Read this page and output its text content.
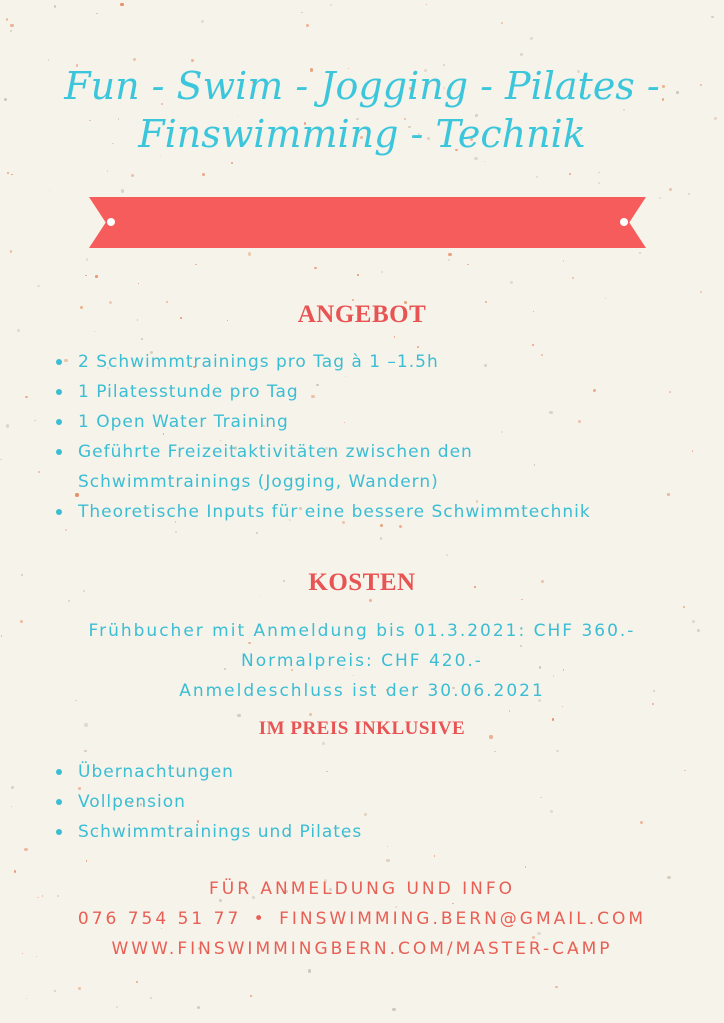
Fun - Swim - Jogging - Pilates -
Finswimming - Technik
ANGEBOT
2 Schwimmtrainings pro Tag à 1 –1.5h
1 Pilatesstunde pro Tag
1 Open Water Training
Geführte Freizeitaktivitäten zwischen den
Schwimmtrainings (Jogging, Wandern)
Theoretische Inputs für eine bessere Schwimmtechnik
KOSTEN
Frühbucher mit Anmeldung bis 01.3.2021: CHF 360.-
Normalpreis: CHF 420.-
Anmeldeschluss ist der 30.06.2021
IM PREIS INKLUSIVE
Übernachtungen
Vollpension
Schwimmtrainings und Pilates
FÜR ANMELDUNG UND INFO
076 754 51 77 • FINSWIMMING.BERN@GMAIL.COM
WWW.FINSWIMMINGBERN.COM/MASTER-CAMP
